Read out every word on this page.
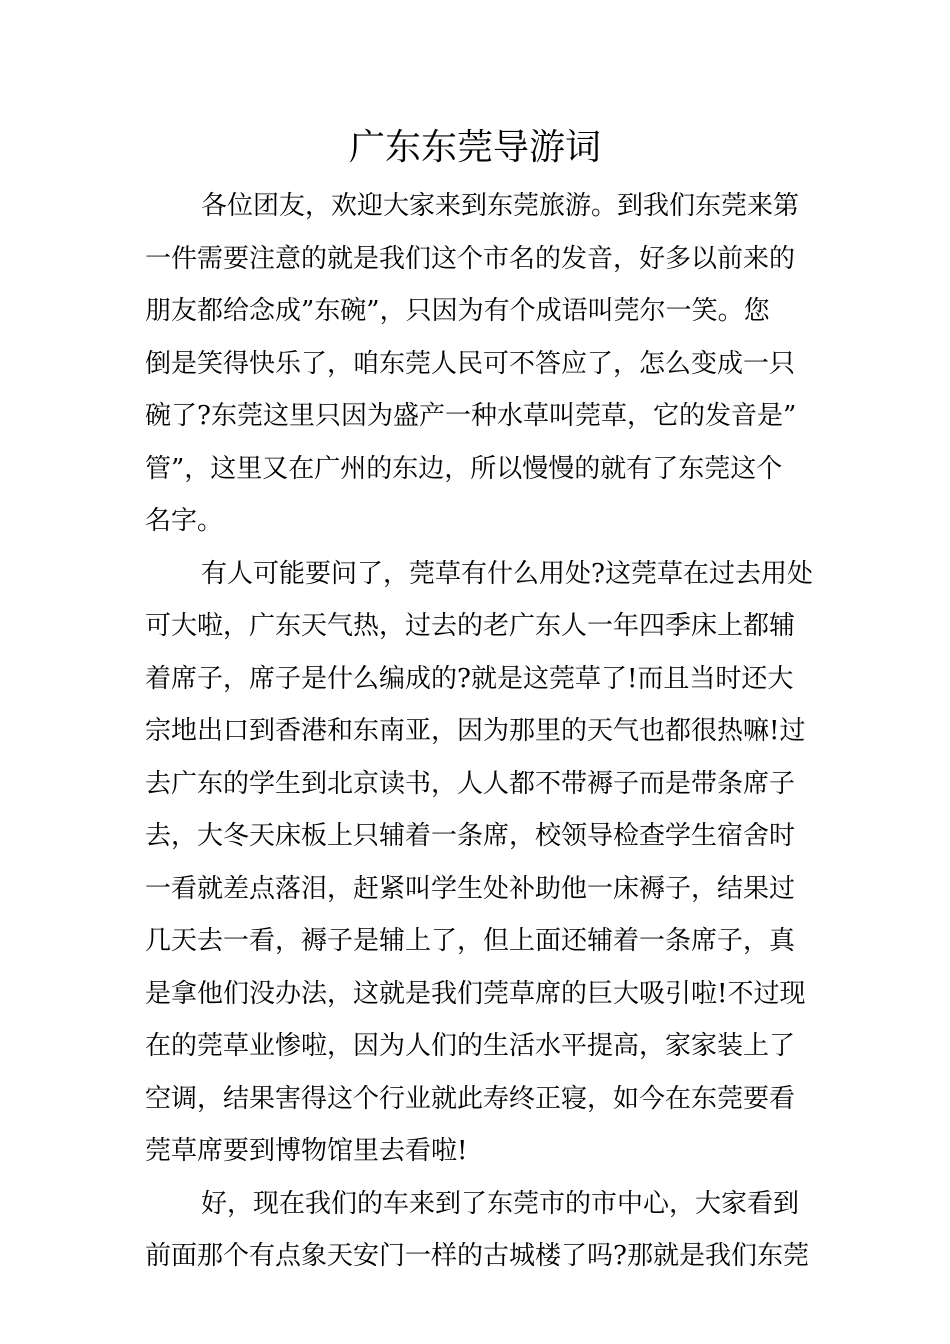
广东东莞导游词
各位团友，欢迎大家来到东莞旅游。到我们东莞来第
一件需要注意的就是我们这个市名的发音，好多以前来的
朋友都给念成”东碗”，只因为有个成语叫莞尔一笑。您
倒是笑得快乐了，咱东莞人民可不答应了，怎么变成一只
碗了?东莞这里只因为盛产一种水草叫莞草，它的发音是”
管”，这里又在广州的东边，所以慢慢的就有了东莞这个
名字。
有人可能要问了，莞草有什么用处?这莞草在过去用处
可大啦，广东天气热，过去的老广东人一年四季床上都辅
着席子，席子是什么编成的?就是这莞草了!而且当时还大
宗地出口到香港和东南亚，因为那里的天气也都很热嘛!过
去广东的学生到北京读书，人人都不带褥子而是带条席子
去，大冬天床板上只辅着一条席，校领导检查学生宿舍时
一看就差点落泪，赶紧叫学生处补助他一床褥子，结果过
几天去一看，褥子是辅上了，但上面还辅着一条席子，真
是拿他们没办法，这就是我们莞草席的巨大吸引啦!不过现
在的莞草业惨啦，因为人们的生活水平提高，家家装上了
空调，结果害得这个行业就此寿终正寝，如今在东莞要看
莞草席要到博物馆里去看啦!
好，现在我们的车来到了东莞市的市中心，大家看到
前面那个有点象天安门一样的古城楼了吗?那就是我们东莞
